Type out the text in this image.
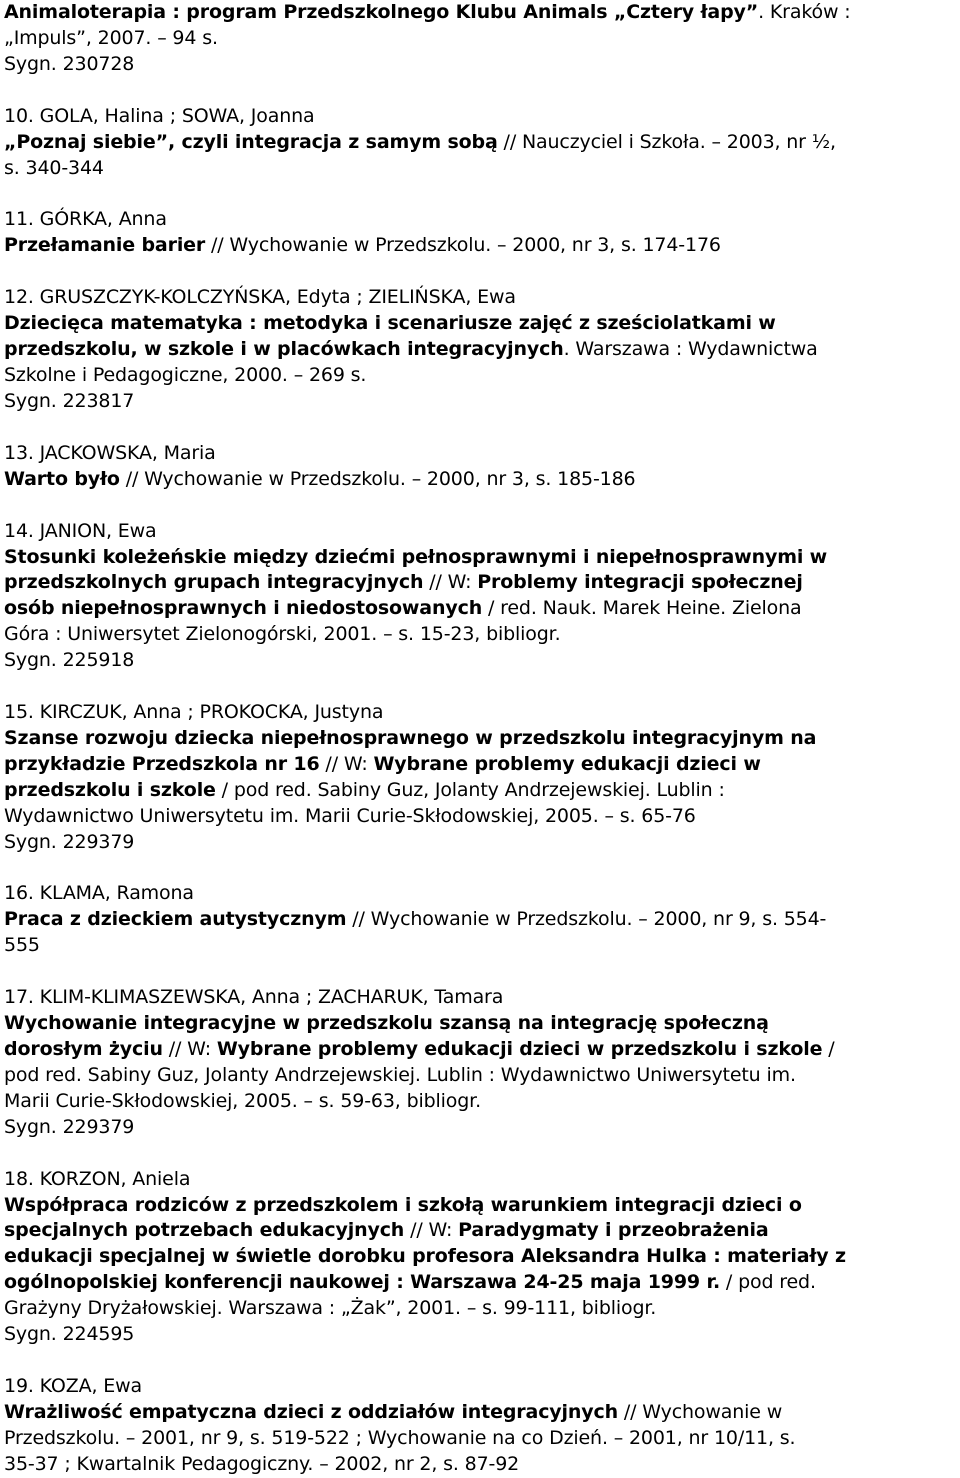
Animaloterapia : program Przedszkolnego Klubu Animals „Cztery łapy”. Kraków :

„Impuls”, 2007. – 94 s.

Sygn. 230728

10. GOLA, Halina ; SOWA, Joanna

„Poznaj siebie”, czyli integracja z samym sobą // Nauczyciel i Szkoła. – 2003, nr ½,

s. 340-344

11. GÓRKA, Anna

Przełamanie barier // Wychowanie w Przedszkolu. – 2000, nr 3, s. 174-176

12. GRUSZCZYK-KOLCZYŃSKA, Edyta ; ZIELIŃSKA, Ewa

Dziecięca matematyka : metodyka i scenariusze zajęć z sześciolatkami w

przedszkolu, w szkole i w placówkach integracyjnych. Warszawa : Wydawnictwa

Szkolne i Pedagogiczne, 2000. – 269 s.

Sygn. 223817

13. JACKOWSKA, Maria

Warto było // Wychowanie w Przedszkolu. – 2000, nr 3, s. 185-186

14. JANION, Ewa

Stosunki koleżeńskie między dziećmi pełnosprawnymi i niepełnosprawnymi w

przedszkolnych grupach integracyjnych // W: Problemy integracji społecznej

osób niepełnosprawnych i niedostosowanych / red. Nauk. Marek Heine. Zielona

Góra : Uniwersytet Zielonogórski, 2001. – s. 15-23, bibliogr.

Sygn. 225918

15. KIRCZUK, Anna ; PROKOCKA, Justyna

Szanse rozwoju dziecka niepełnosprawnego w przedszkolu integracyjnym na

przykładzie Przedszkola nr 16 // W: Wybrane problemy edukacji dzieci w

przedszkolu i szkole / pod red. Sabiny Guz, Jolanty Andrzejewskiej. Lublin :

Wydawnictwo Uniwersytetu im. Marii Curie-Skłodowskiej, 2005. – s. 65-76

Sygn. 229379

16. KLAMA, Ramona

Praca z dzieckiem autystycznym // Wychowanie w Przedszkolu. – 2000, nr 9, s. 554-

555

17. KLIM-KLIMASZEWSKA, Anna ; ZACHARUK, Tamara

Wychowanie integracyjne w przedszkolu szansą na integrację społeczną

dorosłym życiu // W: Wybrane problemy edukacji dzieci w przedszkolu i szkole /

pod red. Sabiny Guz, Jolanty Andrzejewskiej. Lublin : Wydawnictwo Uniwersytetu im.

Marii Curie-Skłodowskiej, 2005. – s. 59-63, bibliogr.

Sygn. 229379

18. KORZON, Aniela

Współpraca rodziców z przedszkolem i szkołą warunkiem integracji dzieci o

specjalnych potrzebach edukacyjnych // W: Paradygmaty i przeobrażenia

edukacji specjalnej w świetle dorobku profesora Aleksandra Hulka : materiały z

ogólnopolskiej konferencji naukowej : Warszawa 24-25 maja 1999 r. / pod red.

Grażyny Dryżałowskiej. Warszawa : „Żak”, 2001. – s. 99-111, bibliogr.

Sygn. 224595

19. KOZA, Ewa

Wrażliwość empatyczna dzieci z oddziałów integracyjnych // Wychowanie w

Przedszkolu. – 2001, nr 9, s. 519-522 ; Wychowanie na co Dzień. – 2001, nr 10/11, s.

35-37 ; Kwartalnik Pedagogiczny. – 2002, nr 2, s. 87-92
